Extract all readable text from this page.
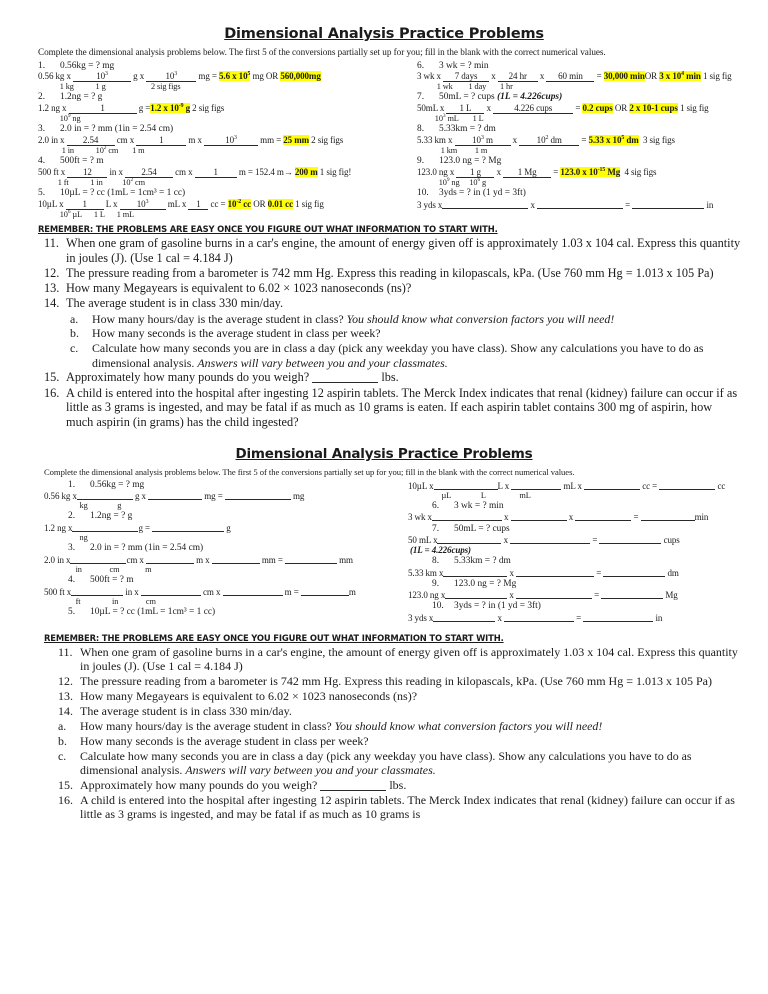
Dimensional Analysis Practice Problems
Complete the dimensional analysis problems below. The first 5 of the conversions partially set up for you; fill in the blank with the correct numerical values.
1. 0.56kg = ? mg
0.56 kg x	$10^3$	g x $10^3$ mg = 5.6 x $10^5$ mg OR 560,000mg
1 kg           1 g                       2 sig figs
2. 1.2ng = ? g
1.2 ng x	1	g =1.2 x $10^{-9}$ g 2 sig figs
$10^9$ ng
3. 2.0 in = ? mm (1in = 2.54 cm)
2.0 in x 2.54 cm x	1	m x $10^3$ mm = 25 mm 2 sig figs
1 in           $10^2$ cm       1 m
4. 500ft = ? m
500 ft x 12 in x 2.54 cm x 1 m = 152.4 m→ 200 m 1 sig fig!
1 ft           1 in          $10^2$ cm
5. 10µL = ? cc (1mL = 1cm³ = 1 cc)
10µL x 1 L x $10^3$ mL x 1 cc = $10^{-2}$ cc OR 0.01 cc 1 sig fig
$10^6$ µL      1 L      1 mL
6. 3 wk = ? min
3 wk x 7 days x 24 hr x 60 min = 30,000 minOR 3 x $10^4$ min 1 sig fig
1 wk        1 day       1 hr
7. 50mL = ? cups (1L = 4.226cups)
50mL x 1 L x 4.226 cups = 0.2 cups OR 2 x 10-1 cups 1 sig fig
$10^3$ mL       1 L
8. 5.33km = ? dm
5.33 km x $10^3$ m x $10^2$ dm = 5.33 x $10^5$ dm 3 sig figs
1 km         1 m
9. 123.0 ng = ? Mg
123.0 ng x 1 g x 1 Mg = 123.0 x $10^{-15}$ Mg 4 sig figs
$10^9$ ng     $10^6$ g
10. 3yds = ? in (1 yd = 3ft)
3 yds x	x	=	in
REMEMBER: THE PROBLEMS ARE EASY ONCE YOU FIGURE OUT WHAT INFORMATION TO START WITH.
11. When one gram of gasoline burns in a car's engine, the amount of energy given off is approximately 1.03 x 104 cal. Express this quantity in joules (J). (Use 1 cal = 4.184 J)
12. The pressure reading from a barometer is 742 mm Hg. Express this reading in kilopascals, kPa. (Use 760 mm Hg = 1.013 x 105 Pa)
13. How many Megayears is equivalent to 6.02 × 1023 nanoseconds (ns)?
14. The average student is in class 330 min/day.
a. How many hours/day is the average student in class? You should know what conversion factors you will need!
b. How many seconds is the average student in class per week?
c. Calculate how many seconds you are in class a day (pick any weekday you have class). Show any calculations you have to do as dimensional analysis. Answers will vary between you and your classmates.
15. Approximately how many pounds do you weigh?	lbs.
16. A child is entered into the hospital after ingesting 12 aspirin tablets. The Merck Index indicates that renal (kidney) failure can occur if as little as 3 grams is ingested, and may be fatal if as much as 10 grams is eaten. If each aspirin tablet contains 300 mg of aspirin, how much aspirin (in grams) has the child ingested?
Dimensional Analysis Practice Problems
Complete the dimensional analysis problems below. The first 5 of the conversions partially set up for you; fill in the blank with the correct numerical values.
1. 0.56kg = ? mg
0.56 kg x	g x	mg =	mg
kg               g
2. 1.2ng = ? g
1.2 ng x	g =	g
ng
3. 2.0 in = ? mm (1in = 2.54 cm)
2.0 in x	cm x	m x	mm =	mm
in              cm             m
4. 500ft = ? m
500 ft x	in x	cm x	m =	m
ft                in              cm
5. 10µL = ? cc (1mL = 1cm³ = 1 cc)
10µL x	L x	mL x	cc =	cc
µL               L                 mL
6. 3 wk = ? min
3 wk x	x	x	=	min
7. 50mL = ? cups
50 mL x	x	=	cups
(1L = 4.226cups)
8. 5.33km = ? dm
5.33 km x	x	=	dm
9. 123.0 ng = ? Mg
123.0 ng x	x	=	Mg
10. 3yds = ? in (1 yd = 3ft)
3 yds x	x	=	in
REMEMBER: THE PROBLEMS ARE EASY ONCE YOU FIGURE OUT WHAT INFORMATION TO START WITH.
11. When one gram of gasoline burns in a car's engine, the amount of energy given off is approximately 1.03 x 104 cal. Express this quantity in joules (J). (Use 1 cal = 4.184 J)
12. The pressure reading from a barometer is 742 mm Hg. Express this reading in kilopascals, kPa. (Use 760 mm Hg = 1.013 x 105 Pa)
13. How many Megayears is equivalent to 6.02 × 1023 nanoseconds (ns)?
14. The average student is in class 330 min/day.
a. How many hours/day is the average student in class? You should know what conversion factors you will need!
b. How many seconds is the average student in class per week?
c. Calculate how many seconds you are in class a day (pick any weekday you have class). Show any calculations you have to do as dimensional analysis. Answers will vary between you and your classmates.
15. Approximately how many pounds do you weigh?	lbs.
16. A child is entered into the hospital after ingesting 12 aspirin tablets. The Merck Index indicates that renal (kidney) failure can occur if as little as 3 grams is ingested, and may be fatal if as much as 10 grams is
